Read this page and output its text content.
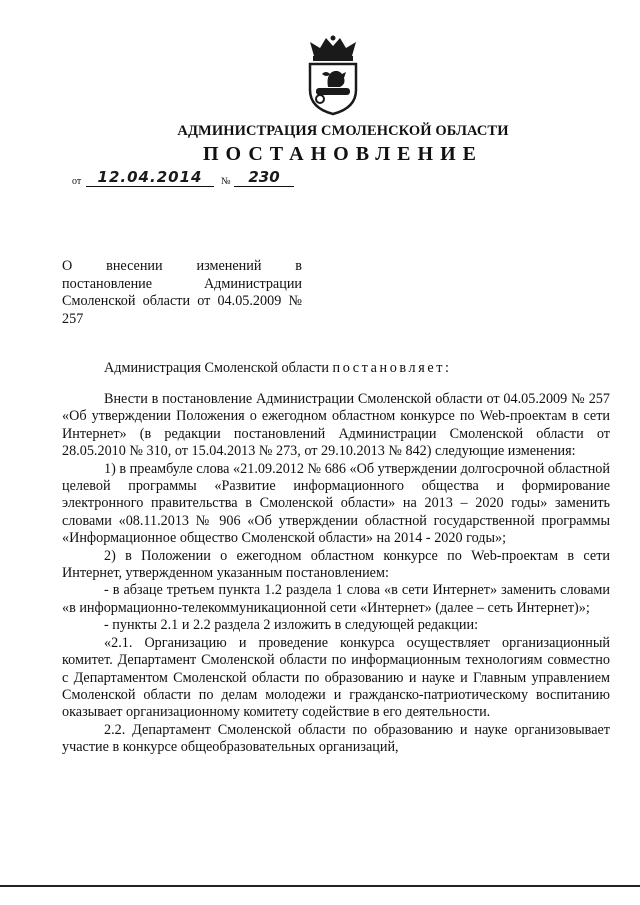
АДМИНИСТРАЦИЯ СМОЛЕНСКОЙ ОБЛАСТИ
ПОСТАНОВЛЕНИЕ
от	12.04.2014	№	230
О внесении изменений в постановление Администрации Смоленской области от 04.05.2009 № 257
Администрация Смоленской области постановляет:

Внести в постановление Администрации Смоленской области от 04.05.2009 № 257 «Об утверждении Положения о ежегодном областном конкурсе по Web-проектам в сети Интернет» (в редакции постановлений Администрации Смоленской области от 28.05.2010 № 310, от 15.04.2013 № 273, от 29.10.2013 № 842) следующие изменения:

1) в преамбуле слова «21.09.2012 № 686 «Об утверждении долгосрочной областной целевой программы «Развитие информационного общества и формирование электронного правительства в Смоленской области» на 2013 – 2020 годы» заменить словами «08.11.2013 № 906 «Об утверждении областной государственной программы «Информационное общество Смоленской области» на 2014 - 2020 годы»;

2) в Положении о ежегодном областном конкурсе по Web-проектам в сети Интернет, утвержденном указанным постановлением:

- в абзаце третьем пункта 1.2 раздела 1 слова «в сети Интернет» заменить словами «в информационно-телекоммуникационной сети «Интернет» (далее – сеть Интернет)»;

- пункты 2.1 и 2.2 раздела 2 изложить в следующей редакции:

«2.1. Организацию и проведение конкурса осуществляет организационный комитет. Департамент Смоленской области по информационным технологиям совместно с Департаментом Смоленской области по образованию и науке и Главным управлением Смоленской области по делам молодежи и гражданско-патриотическому воспитанию оказывает организационному комитету содействие в его деятельности.

2.2. Департамент Смоленской области по образованию и науке организовывает участие в конкурсе общеобразовательных организаций,
